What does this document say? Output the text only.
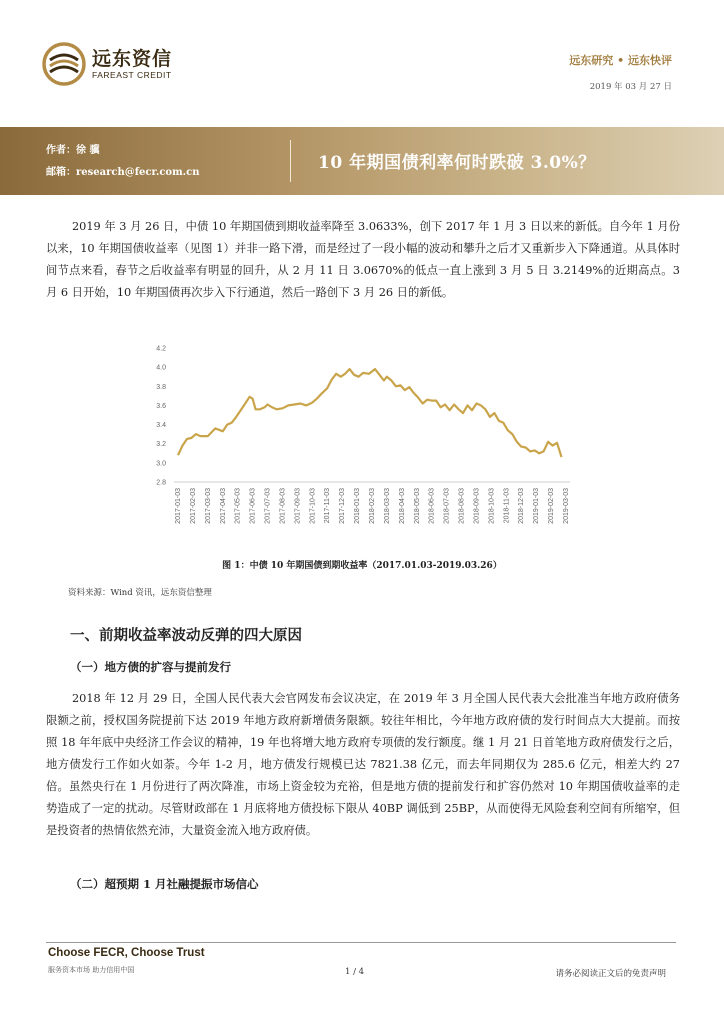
远东资信
FAREAST CREDIT
远东研究 • 远东快评
2019 年 03 月 27 日
作者：徐 骥
邮箱：research@fecr.com.cn	10 年期国债利率何时跌破 3.0%？

2019 年 3 月 26 日，中债 10 年期国债到期收益率降至 3.0633%，创下 2017 年 1 月 3 日以来的新低。自今年 1 月份以来，10 年期国债收益率（见图 1）并非一路下滑，而是经过了一段小幅的波动和攀升之后才又重新步入下降通道。从具体时间节点来看，春节之后收益率有明显的回升，从 2 月 11 日 3.0670%的低点一直上涨到 3 月 5 日 3.2149%的近期高点。3 月 6 日开始，10 年期国债再次步入下行通道，然后一路创下 3 月 26 日的新低。

4.2
4.0
3.8
3.6
3.4
3.2
3.0
2.8
2017-01-03 2017-02-03 2017-03-03 2017-04-03 2017-05-03 2017-06-03 2017-07-03 2017-08-03 2017-09-03 2017-10-03 2017-11-03 2017-12-03 2018-01-03 2018-02-03 2018-03-03 2018-04-03 2018-05-03 2018-06-03 2018-07-03 2018-08-03 2018-09-03 2018-10-03 2018-11-03 2018-12-03 2019-01-03 2019-02-03 2019-03-03
图 1：中债 10 年期国债到期收益率（2017.01.03-2019.03.26）
资料来源：Wind 资讯，远东资信整理
一、前期收益率波动反弹的四大原因
（一）地方债的扩容与提前发行

2018 年 12 月 29 日，全国人民代表大会官网发布会议决定，在 2019 年 3 月全国人民代表大会批准当年地方政府债务限额之前，授权国务院提前下达 2019 年地方政府新增债务限额。较往年相比，今年地方政府债的发行时间点大大提前。而按照 18 年年底中央经济工作会议的精神，19 年也将增大地方政府专项债的发行额度。继 1 月 21 日首笔地方政府债发行之后，地方债发行工作如火如荼。今年 1-2 月，地方债发行规模已达 7821.38 亿元，而去年同期仅为 285.6 亿元，相差大约 27 倍。虽然央行在 1 月份进行了两次降准，市场上资金较为充裕，但是地方债的提前发行和扩容仍然对 10 年期国债收益率的走势造成了一定的扰动。尽管财政部在 1 月底将地方债投标下限从 40BP 调低到 25BP，从而使得无风险套利空间有所缩窄，但是投资者的热情依然充沛，大量资金流入地方政府债。

（二）超预期 1 月社融提振市场信心
Choose FECR, Choose Trust
服务资本市场 助力信用中国	1 / 4	请务必阅读正文后的免责声明
